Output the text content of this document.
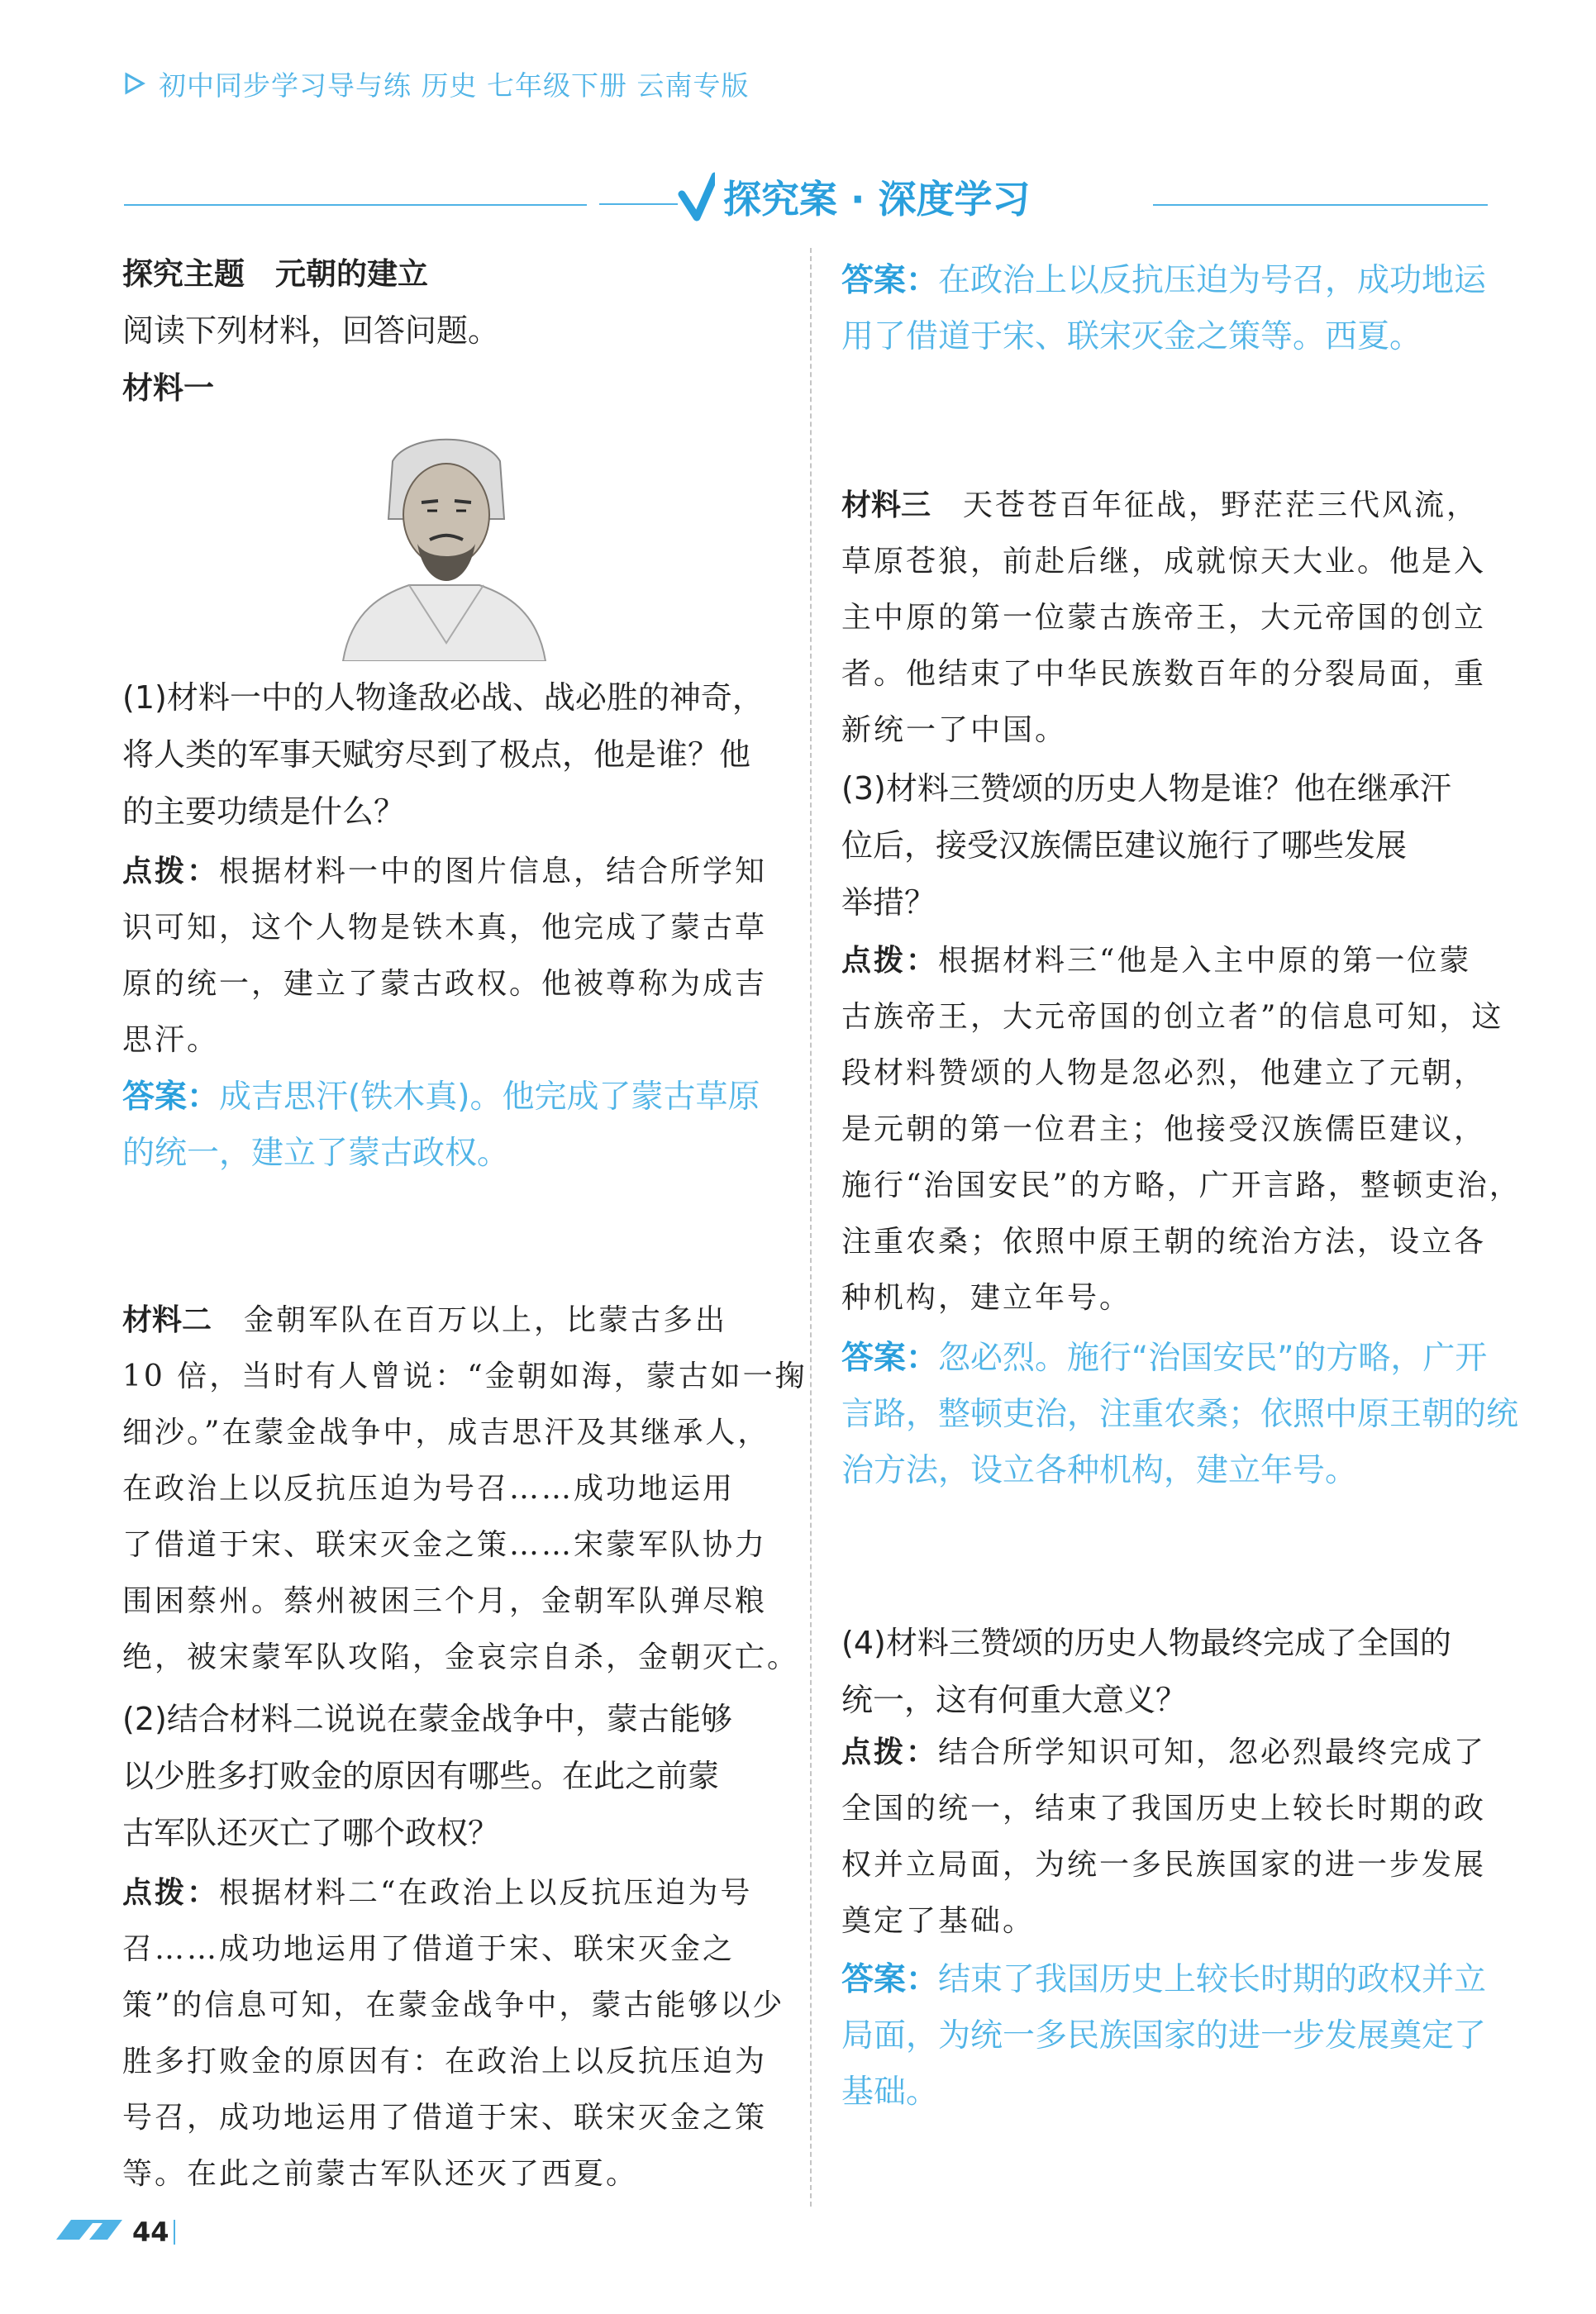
初中同步学习导与练 历史 七年级下册 云南专版
探究案 · 深度学习
探究主题　元朝的建立
阅读下列材料，回答问题。
材料一

(1)材料一中的人物逢敌必战、战必胜的神奇，

将人类的军事天赋穷尽到了极点，他是谁？他

的主要功绩是什么？

点拨：根据材料一中的图片信息，结合所学知

识可知，这个人物是铁木真，他完成了蒙古草

原的统一，建立了蒙古政权。他被尊称为成吉

思汗。

答案：成吉思汗(铁木真)。他完成了蒙古草原

的统一，建立了蒙古政权。

材料二　金朝军队在百万以上，比蒙古多出

10 倍，当时有人曾说：“金朝如海，蒙古如一掬

细沙。”在蒙金战争中，成吉思汗及其继承人，

在政治上以反抗压迫为号召……成功地运用

了借道于宋、联宋灭金之策……宋蒙军队协力

围困蔡州。蔡州被困三个月，金朝军队弹尽粮

绝，被宋蒙军队攻陷，金哀宗自杀，金朝灭亡。

(2)结合材料二说说在蒙金战争中，蒙古能够

以少胜多打败金的原因有哪些。在此之前蒙

古军队还灭亡了哪个政权？

点拨：根据材料二“在政治上以反抗压迫为号

召……成功地运用了借道于宋、联宋灭金之

策”的信息可知，在蒙金战争中，蒙古能够以少

胜多打败金的原因有：在政治上以反抗压迫为

号召，成功地运用了借道于宋、联宋灭金之策

等。在此之前蒙古军队还灭了西夏。

答案：在政治上以反抗压迫为号召，成功地运

用了借道于宋、联宋灭金之策等。西夏。

材料三　天苍苍百年征战，野茫茫三代风流，

草原苍狼，前赴后继，成就惊天大业。他是入

主中原的第一位蒙古族帝王，大元帝国的创立

者。他结束了中华民族数百年的分裂局面，重

新统一了中国。

(3)材料三赞颂的历史人物是谁？他在继承汗

位后，接受汉族儒臣建议施行了哪些发展

举措？

点拨：根据材料三“他是入主中原的第一位蒙

古族帝王，大元帝国的创立者”的信息可知，这

段材料赞颂的人物是忽必烈，他建立了元朝，

是元朝的第一位君主；他接受汉族儒臣建议，

施行“治国安民”的方略，广开言路，整顿吏治，

注重农桑；依照中原王朝的统治方法，设立各

种机构，建立年号。

答案：忽必烈。施行“治国安民”的方略，广开

言路，整顿吏治，注重农桑；依照中原王朝的统

治方法，设立各种机构，建立年号。

(4)材料三赞颂的历史人物最终完成了全国的

统一，这有何重大意义？

点拨：结合所学知识可知，忽必烈最终完成了

全国的统一，结束了我国历史上较长时期的政

权并立局面，为统一多民族国家的进一步发展

奠定了基础。

答案：结束了我国历史上较长时期的政权并立

局面，为统一多民族国家的进一步发展奠定了

基础。

44
